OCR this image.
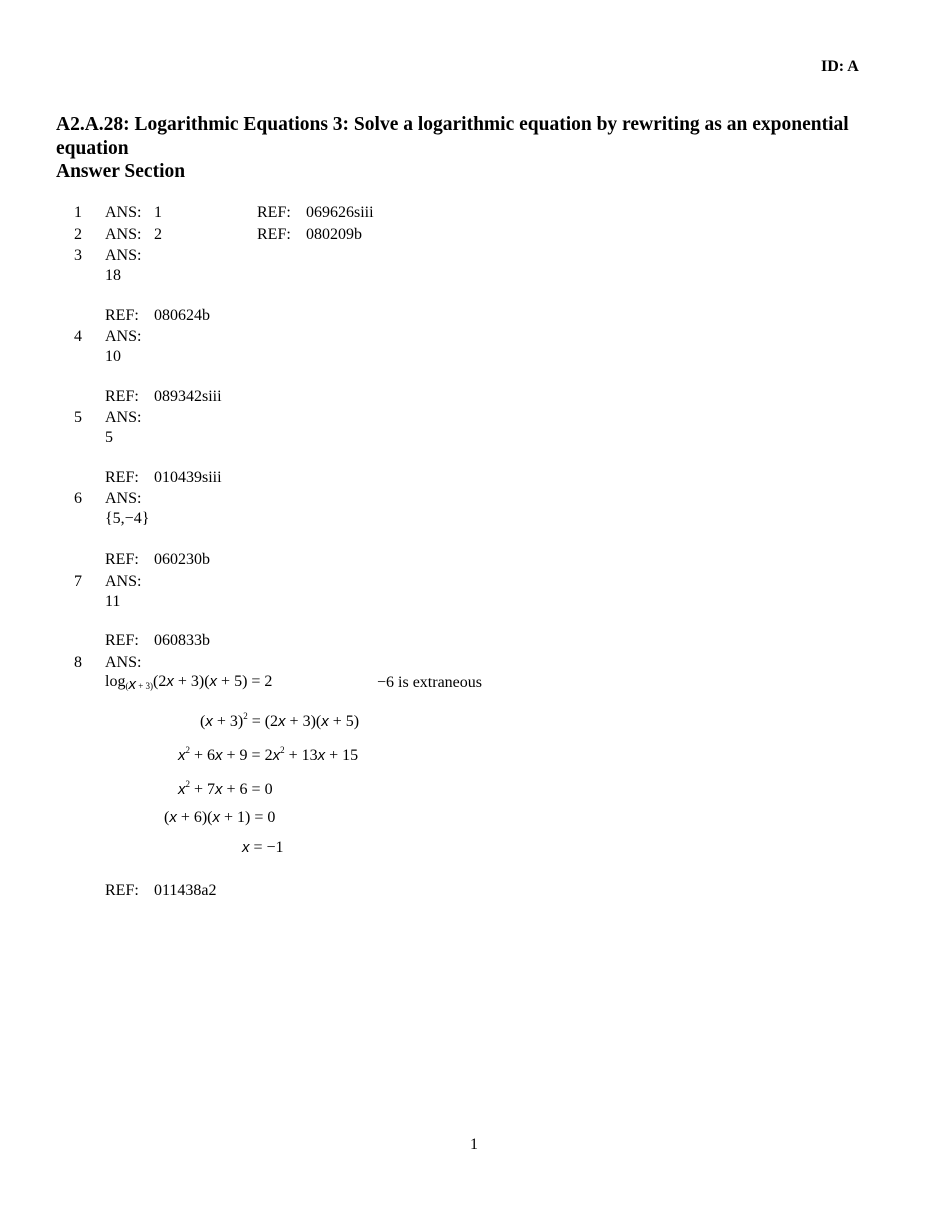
ID: A
A2.A.28: Logarithmic Equations 3: Solve a logarithmic equation by rewriting as an exponential equation
Answer Section
1 ANS: 1	REF: 069626siii
2 ANS: 2	REF: 080209b
3 ANS:
18
REF: 080624b
4 ANS:
10
REF: 089342siii
5 ANS:
5
REF: 010439siii
6 ANS:
{5,−4}
REF: 060230b
7 ANS:
11
REF: 060833b
8 ANS:
log(x + 3)(2x + 3)(x + 5) = 2	−6 is extraneous
$(x + 3)^2 = (2x + 3)(x + 5)$
$x^2 + 6x + 9 = 2x^2 + 13x + 15$
$x^2 + 7x + 6 = 0$
(x + 6)(x + 1) = 0
x = −1
REF: 011438a2
1
